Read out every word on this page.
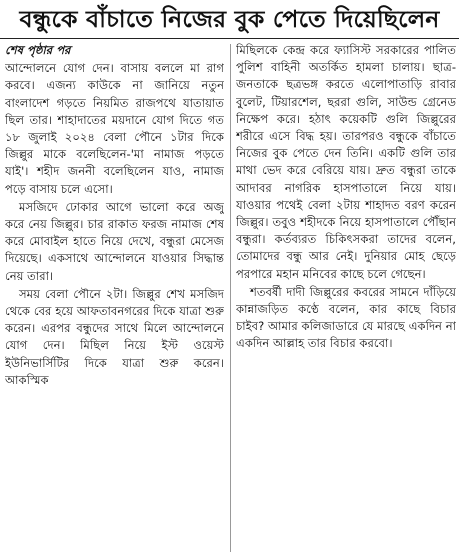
বন্ধুকে বাঁচাতে নিজের বুক পেতে দিয়েছিলেন
শেষ পৃষ্ঠার পর

আন্দোলনে যোগ দেন। বাসায় বললে মা রাগ করবে। এজন্য কাউকে না জানিয়ে নতুন বাংলাদেশ গড়তে নিয়মিত রাজপথে যাতায়াত ছিল তার। শাহাদাতের ময়দানে যোগ দিতে গত ১৮ জুলাই ২০২৪ বেলা পৌনে ১টার দিকে জিল্লুর মাকে বলেছিলেন-'মা নামাজ পড়তে যাই'। শহীদ জননী বলেছিলেন যাও, নামাজ পড়ে বাসায় চলে এসো।

মসজিদে ঢোকার আগে ভালো করে অজু করে নেয় জিল্লুর। চার রাকাত ফরজ নামাজ শেষ করে মোবাইল হাতে নিয়ে দেখে, বন্ধুরা মেসেজ দিয়েছে। একসাথে আন্দোলনে যাওয়ার সিদ্ধান্ত নেয় তারা।

সময় বেলা পৌনে ২টা। জিল্লুর শেখ মসজিদ থেকে বের হয়ে আফতাবনগরের দিকে যাত্রা শুরু করেন। এরপর বন্ধুদের সাথে মিলে আন্দোলনে যোগ দেন। মিছিল নিয়ে ইস্ট ওয়েস্ট ইউনিভার্সিটির দিকে যাত্রা শুরু করেন। আকস্মিক

মিছিলকে কেন্দ্র করে ফ্যাসিস্ট সরকারের পালিত পুলিশ বাহিনী অতর্কিত হামলা চালায়। ছাত্র-জনতাকে ছত্রভঙ্গ করতে এলোপাতাড়ি রাবার বুলেট, টিয়ারশেল, ছররা গুলি, সাউন্ড গ্রেনেড নিক্ষেপ করে। হঠাৎ কয়েকটি গুলি জিল্লুরের শরীরে এসে বিদ্ধ হয়। তারপরও বন্ধুকে বাঁচাতে নিজের বুক পেতে দেন তিনি। একটি গুলি তার মাথা ভেদ করে বেরিয়ে যায়। দ্রুত বন্ধুরা তাকে আদাবর নাগরিক হাসপাতালে নিয়ে যায়। যাওয়ার পথেই বেলা ২টায় শাহাদত বরণ করেন জিল্লুর। তবুও শহীদকে নিয়ে হাসপাতালে পৌঁছান বন্ধুরা। কর্তব্যরত চিকিৎসকরা তাদের বলেন, তোমাদের বন্ধু আর নেই। দুনিয়ার মোহ ছেড়ে পরপারে মহান মনিবের কাছে চলে গেছেন।

শতবর্ষী দাদী জিল্লুরের কবরের সামনে দাঁড়িয়ে কান্নাজড়িত কণ্ঠে বলেন, কার কাছে বিচার চাইব? আমার কলিজাডারে যে মারছে একদিন না একদিন আল্লাহ তার বিচার করবো।
